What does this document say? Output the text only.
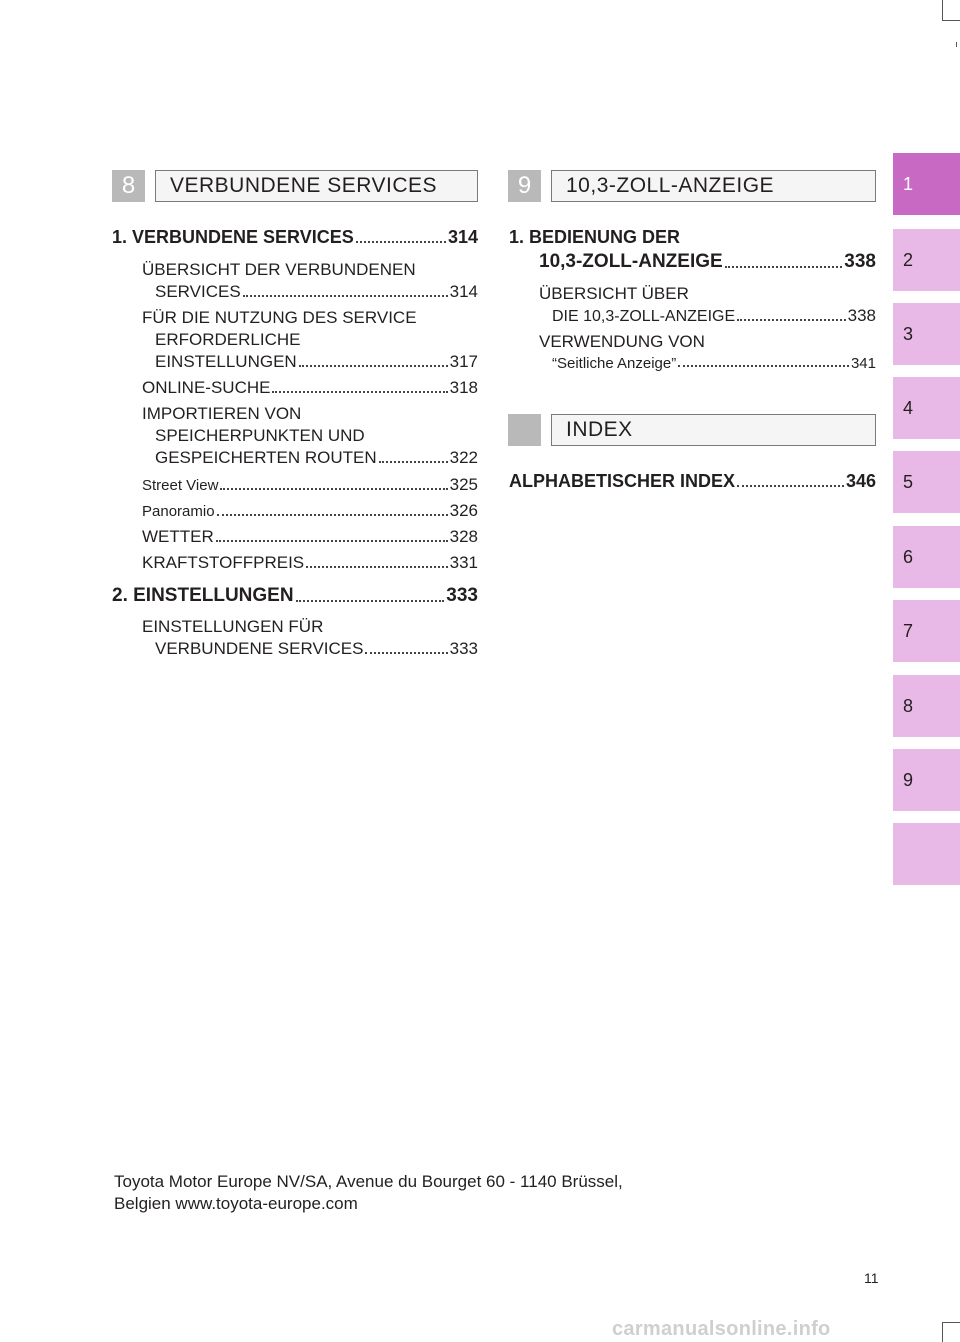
8	VERBUNDENE SERVICES	9	10,3-ZOLL-ANZEIGE
INDEX
1. VERBUNDENE SERVICES	314
ÜBERSICHT DER VERBUNDENEN
SERVICES	314
FÜR DIE NUTZUNG DES SERVICE
ERFORDERLICHE
EINSTELLUNGEN	317
ONLINE-SUCHE	318
IMPORTIEREN VON
SPEICHERPUNKTEN UND
GESPEICHERTEN ROUTEN	322
Street View	325
Panoramio	326
WETTER	328
KRAFTSTOFFPREIS	331
2. EINSTELLUNGEN	333
EINSTELLUNGEN FÜR
VERBUNDENE SERVICES	333
1. BEDIENUNG DER
10,3-ZOLL-ANZEIGE	338
ÜBERSICHT ÜBER
DIE 10,3-ZOLL-ANZEIGE	338
VERWENDUNG VON
“Seitliche Anzeige”	341
ALPHABETISCHER INDEX	346
1
2
3
4
5
6
7
8
9
Toyota Motor Europe NV/SA, Avenue du Bourget 60 - 1140 Brüssel,
Belgien www.toyota-europe.com
11
carmanualsonline.info
